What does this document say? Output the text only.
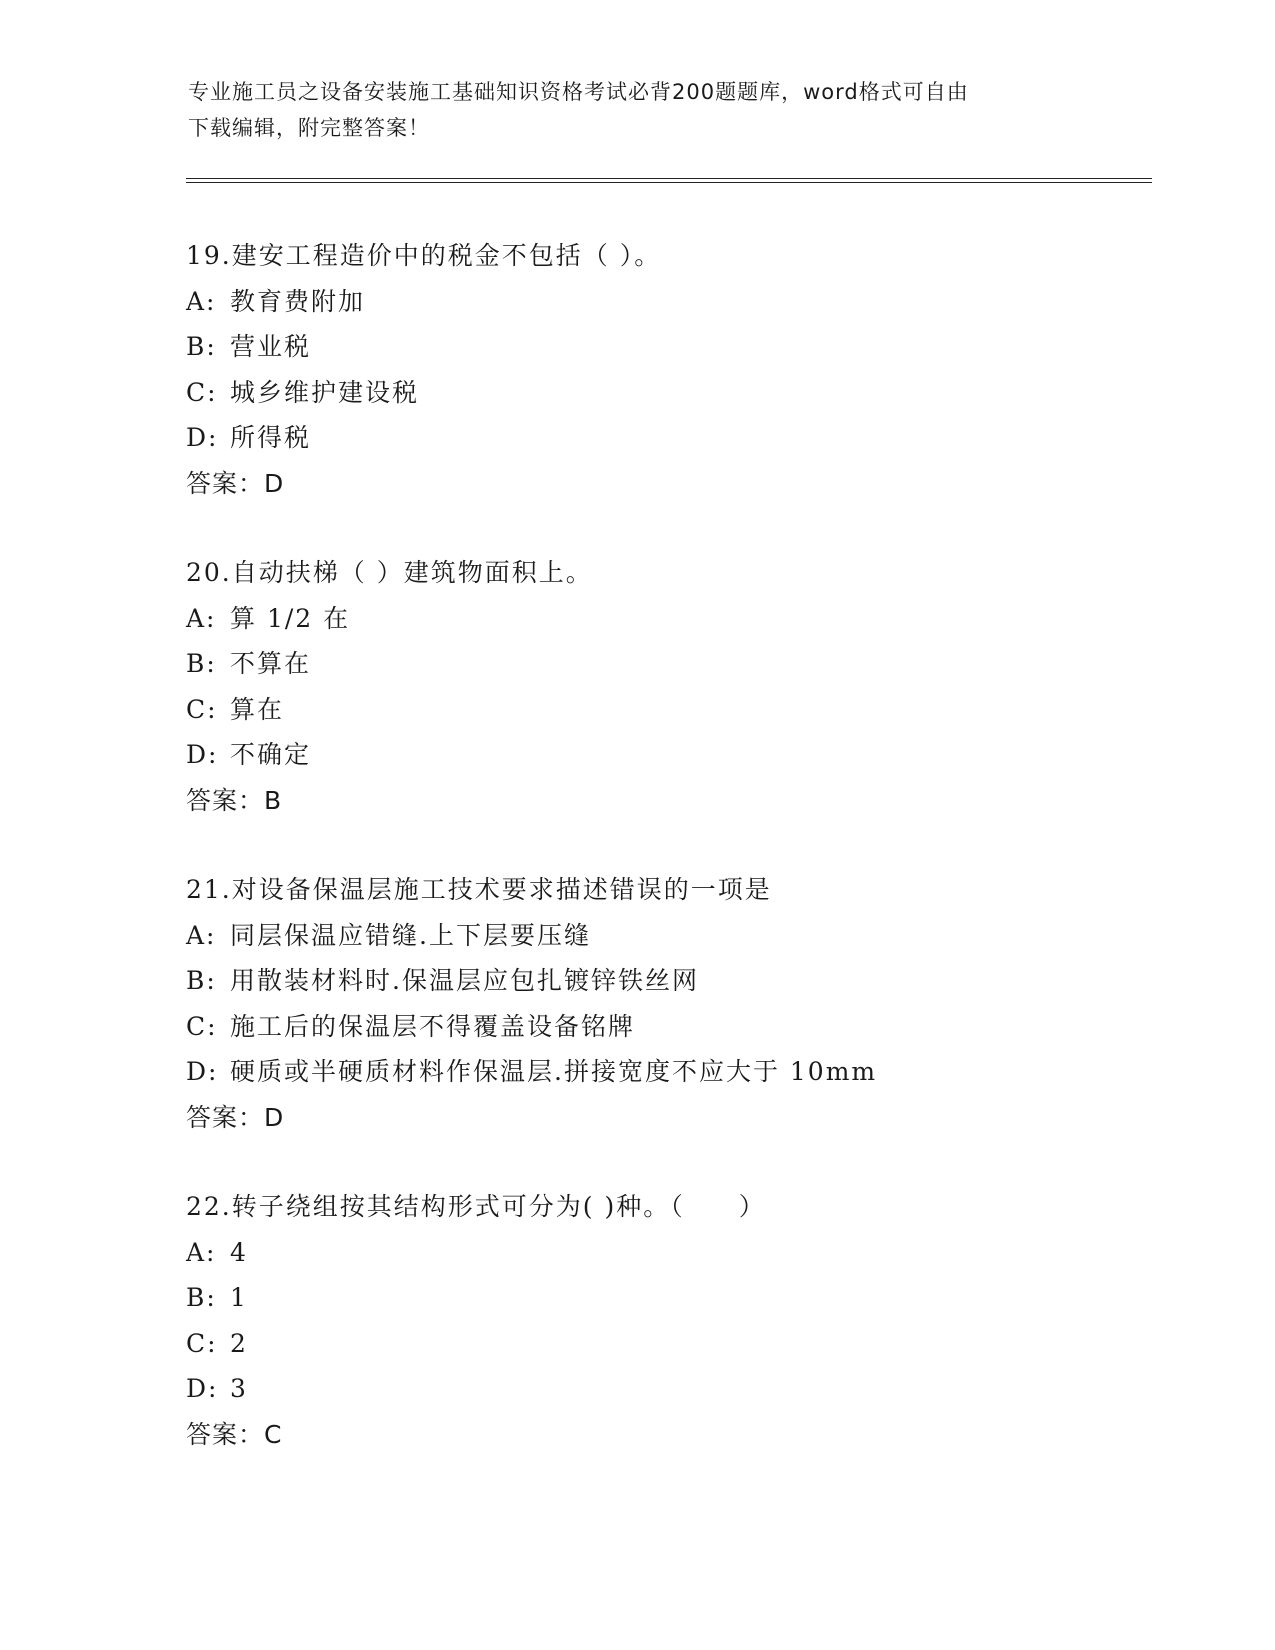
专业施工员之设备安装施工基础知识资格考试必背200题题库，word格式可自由
下载编辑，附完整答案！
19.建安工程造价中的税金不包括（ ）。
A: 教育费附加
B: 营业税
C: 城乡维护建设税
D: 所得税
答案：D
20.自动扶梯（ ）建筑物面积上。
A: 算 1/2 在
B: 不算在
C: 算在
D: 不确定
答案：B
21.对设备保温层施工技术要求描述错误的一项是
A: 同层保温应错缝.上下层要压缝
B: 用散装材料时.保温层应包扎镀锌铁丝网
C: 施工后的保温层不得覆盖设备铭牌
D: 硬质或半硬质材料作保温层.拼接宽度不应大于 10mm
答案：D
22.转子绕组按其结构形式可分为( )种。（　　）
A: 4
B: 1
C: 2
D: 3
答案：C
